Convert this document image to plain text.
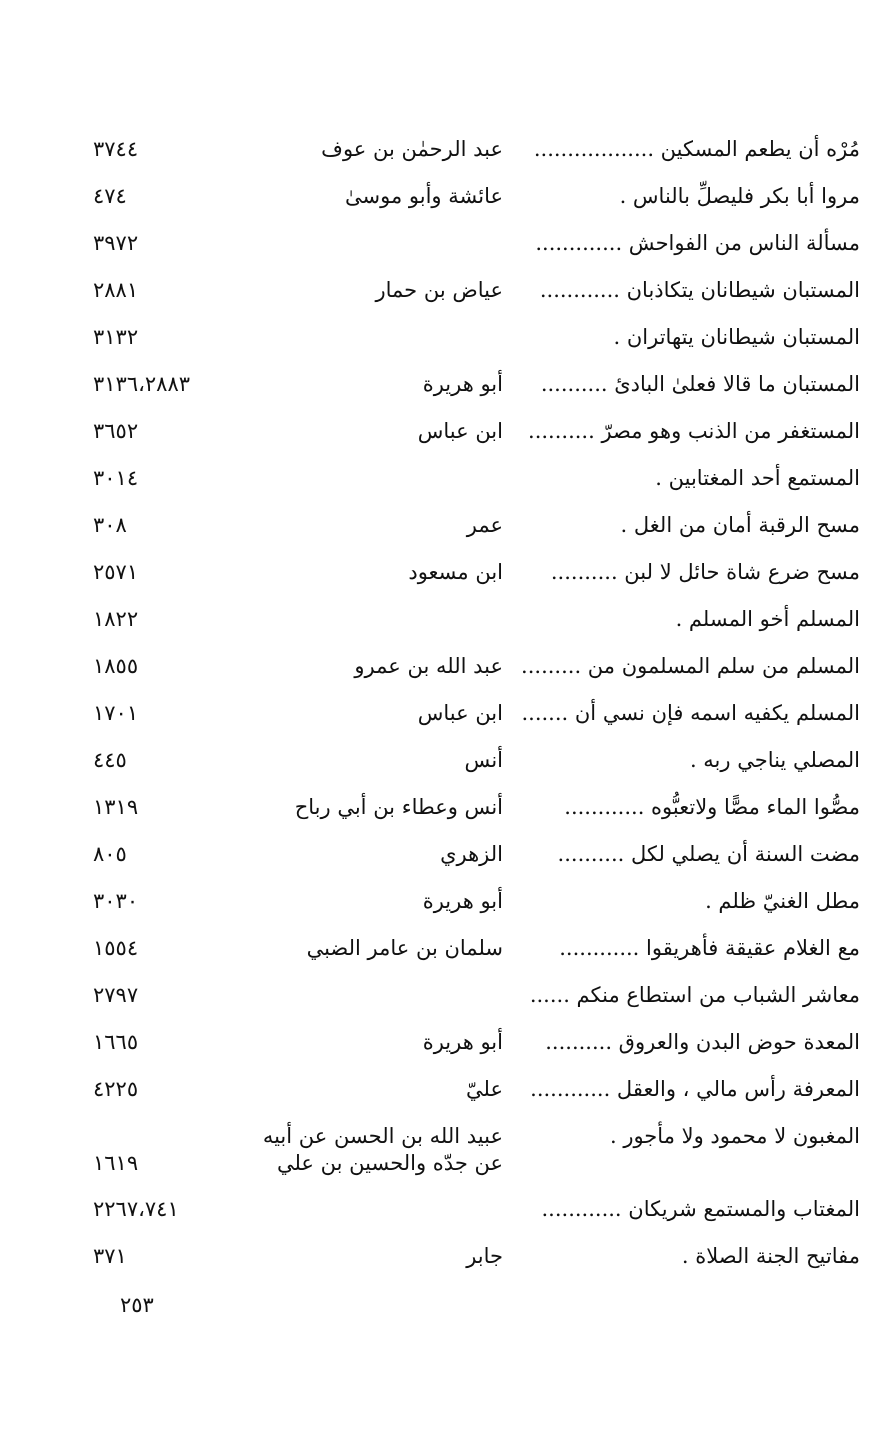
مُرْه أن يطعم المسكين ..................
عبد الرحمٰن بن عوف
٣٧٤٤
مروا أبا بكر فليصلِّ بالناس .
عائشة وأبو موسىٰ
٤٧٤
مسألة الناس من الفواحش .............
٣٩٧٢
المستبان شيطانان يتكاذبان ............
عياض بن حمار
٢٨٨١
المستبان شيطانان يتهاتران .
٣١٣٢
المستبان ما قالا فعلىٰ البادئ ..........
أبو هريرة
٣١٣٦،٢٨٨٣
المستغفر من الذنب وهو مصرّ ..........
ابن عباس
٣٦٥٢
المستمع أحد المغتابين .
٣٠١٤
مسح الرقبة أمان من الغل .
عمر
٣٠٨
مسح ضرع شاة حائل لا لبن ..........
ابن مسعود
٢٥٧١
المسلم أخو المسلم .
١٨٢٢
المسلم من سلم المسلمون من .........
عبد الله بن عمرو
١٨٥٥
المسلم يكفيه اسمه فإن نسي أن .......
ابن عباس
١٧٠١
المصلي يناجي ربه .
أنس
٤٤٥
مصُّوا الماء مصًّا ولاتعبُّوه ............
أنس وعطاء بن أبي رباح
١٣١٩
مضت السنة أن يصلي لكل ..........
الزهري
٨٠٥
مطل الغنيّ ظلم .
أبو هريرة
٣٠٣٠
مع الغلام عقيقة فأهريقوا ............
سلمان بن عامر الضبي
١٥٥٤
معاشر الشباب من استطاع منكم ......
٢٧٩٧
المعدة حوض البدن والعروق ..........
أبو هريرة
١٦٦٥
المعرفة رأس مالي ، والعقل ............
عليّ
٤٢٢٥
المغبون لا محمود ولا مأجور .
عبيد الله بن الحسن عن أبيه
عن جدّه والحسين بن علي
١٦١٩
المغتاب والمستمع شريكان ............
٢٢٦٧،٧٤١
مفاتيح الجنة الصلاة .
جابر
٣٧١
٢٥٣
